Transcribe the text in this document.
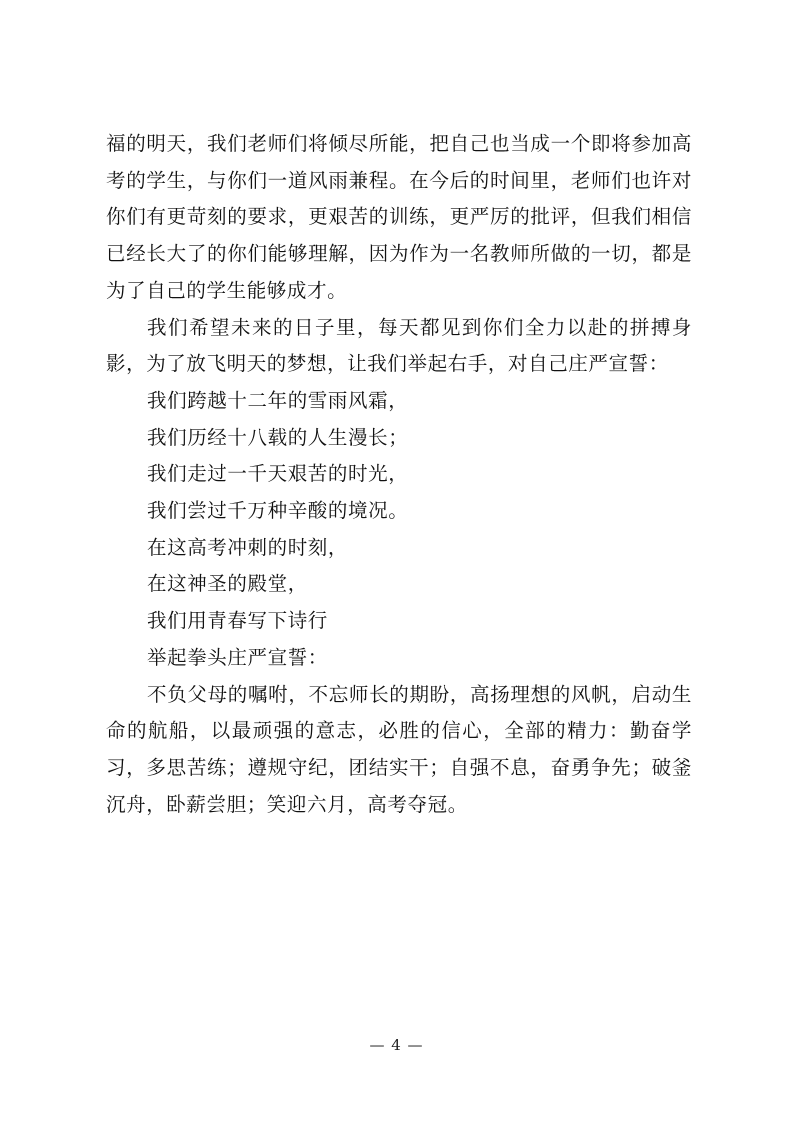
福的明天，我们老师们将倾尽所能，把自己也当成一个即将参加高考的学生，与你们一道风雨兼程。在今后的时间里，老师们也许对你们有更苛刻的要求，更艰苦的训练，更严厉的批评，但我们相信已经长大了的你们能够理解，因为作为一名教师所做的一切，都是为了自己的学生能够成才。

我们希望未来的日子里，每天都见到你们全力以赴的拼搏身影，为了放飞明天的梦想，让我们举起右手，对自己庄严宣誓：

我们跨越十二年的雪雨风霜，

我们历经十八载的人生漫长；

我们走过一千天艰苦的时光，

我们尝过千万种辛酸的境况。

在这高考冲刺的时刻，

在这神圣的殿堂，

我们用青春写下诗行

举起拳头庄严宣誓：

不负父母的嘱咐，不忘师长的期盼，高扬理想的风帆，启动生命的航船，以最顽强的意志，必胜的信心，全部的精力：勤奋学习，多思苦练；遵规守纪，团结实干；自强不息，奋勇争先；破釜沉舟，卧薪尝胆；笑迎六月，高考夺冠。

— 4 —
